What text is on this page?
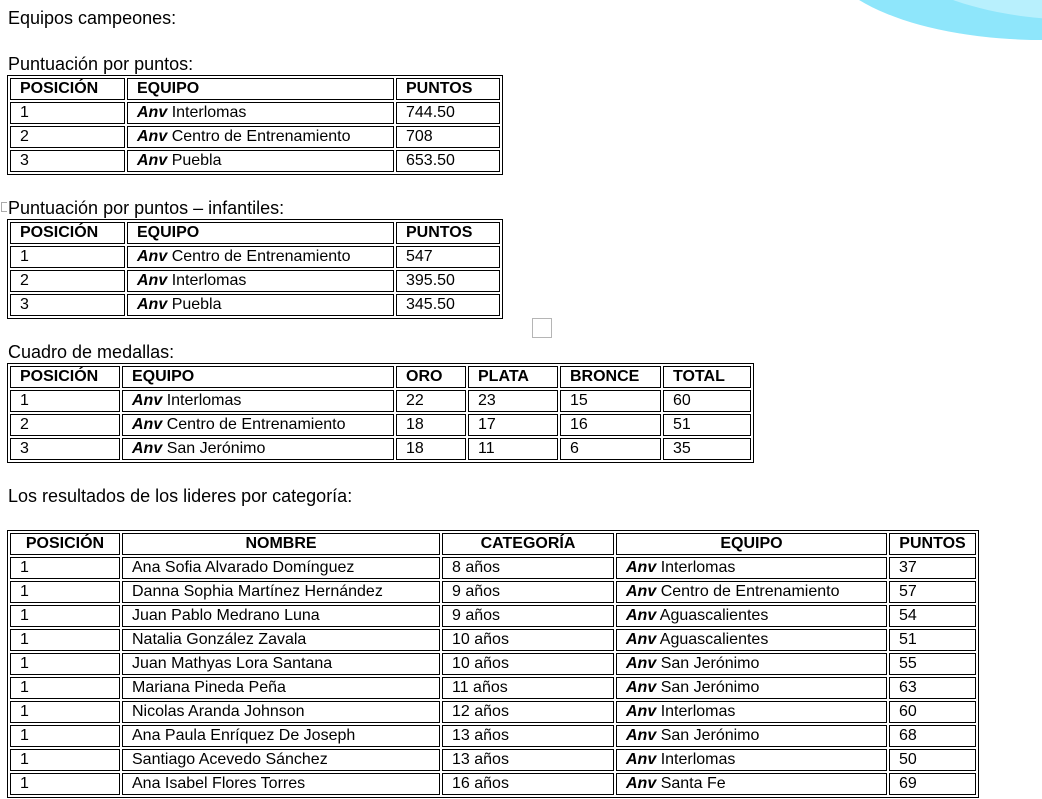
Equipos campeones:

Puntuación por puntos:

POSICIÓN	EQUIPO	PUNTOS
1	Anv Interlomas	744.50
2	Anv Centro de Entrenamiento	708
3	Anv Puebla	653.50

Puntuación por puntos – infantiles:

POSICIÓN	EQUIPO	PUNTOS
1	Anv Centro de Entrenamiento	547
2	Anv Interlomas	395.50
3	Anv Puebla	345.50

Cuadro de medallas:

POSICIÓN	EQUIPO	ORO	PLATA	BRONCE	TOTAL
1	Anv Interlomas	22	23	15	60
2	Anv Centro de Entrenamiento	18	17	16	51
3	Anv San Jerónimo	18	11	6	35

Los resultados de los lideres por categoría:

POSICIÓN	NOMBRE	CATEGORÍA	EQUIPO	PUNTOS
1	Ana Sofia Alvarado Domínguez	8 años	Anv Interlomas	37
1	Danna Sophia Martínez Hernández	9 años	Anv Centro de Entrenamiento	57
1	Juan Pablo Medrano Luna	9 años	Anv Aguascalientes	54
1	Natalia González Zavala	10 años	Anv Aguascalientes	51
1	Juan Mathyas Lora Santana	10 años	Anv San Jerónimo	55
1	Mariana Pineda Peña	11 años	Anv San Jerónimo	63
1	Nicolas Aranda Johnson	12 años	Anv Interlomas	60
1	Ana Paula Enríquez De Joseph	13 años	Anv San Jerónimo	68
1	Santiago Acevedo Sánchez	13 años	Anv Interlomas	50
1	Ana Isabel Flores Torres	16 años	Anv Santa Fe	69
